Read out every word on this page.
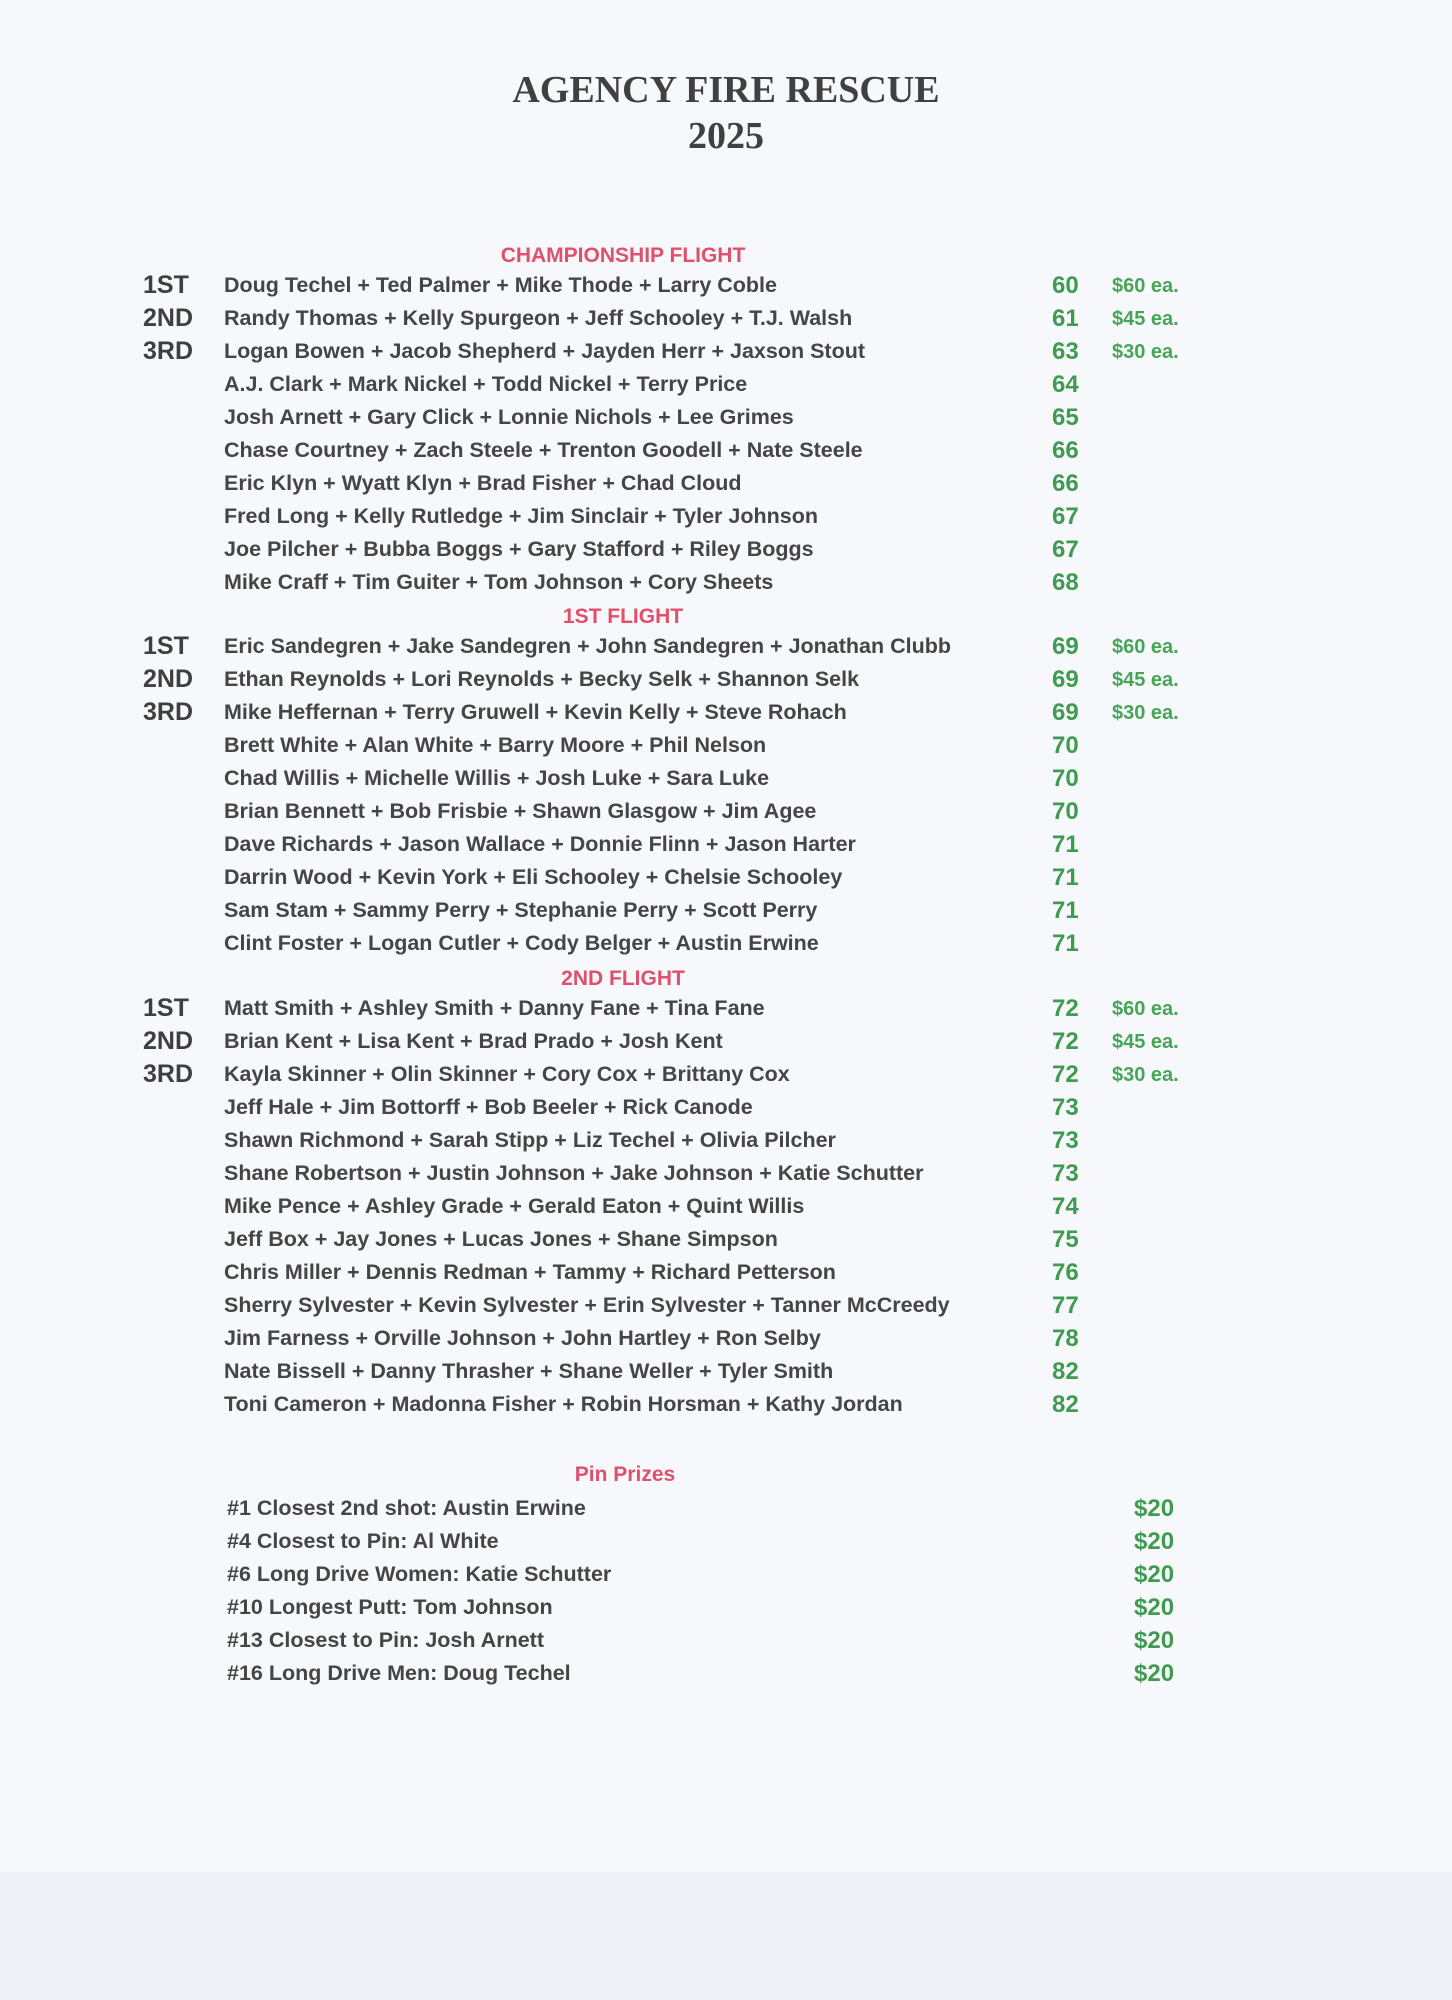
AGENCY FIRE RESCUE
2025
CHAMPIONSHIP FLIGHT
1ST Doug Techel + Ted Palmer + Mike Thode + Larry Coble	60 $60 ea.
2ND Randy Thomas + Kelly Spurgeon + Jeff Schooley + T.J. Walsh	61 $45 ea.
3RD Logan Bowen + Jacob Shepherd + Jayden Herr + Jaxson Stout	63 $30 ea.
A.J. Clark + Mark Nickel + Todd Nickel + Terry Price	64
Josh Arnett + Gary Click + Lonnie Nichols + Lee Grimes	65
Chase Courtney + Zach Steele + Trenton Goodell + Nate Steele	66
Eric Klyn + Wyatt Klyn + Brad Fisher + Chad Cloud	66
Fred Long + Kelly Rutledge + Jim Sinclair + Tyler Johnson	67
Joe Pilcher + Bubba Boggs + Gary Stafford + Riley Boggs	67
Mike Craff + Tim Guiter + Tom Johnson + Cory Sheets	68
1ST FLIGHT
1ST Eric Sandegren + Jake Sandegren + John Sandegren + Jonathan Clubb	69 $60 ea.
2ND Ethan Reynolds + Lori Reynolds + Becky Selk + Shannon Selk	69 $45 ea.
3RD Mike Heffernan + Terry Gruwell + Kevin Kelly + Steve Rohach	69 $30 ea.
Brett White + Alan White + Barry Moore + Phil Nelson	70
Chad Willis + Michelle Willis + Josh Luke + Sara Luke	70
Brian Bennett + Bob Frisbie + Shawn Glasgow + Jim Agee	70
Dave Richards + Jason Wallace + Donnie Flinn + Jason Harter	71
Darrin Wood + Kevin York + Eli Schooley + Chelsie Schooley	71
Sam Stam + Sammy Perry + Stephanie Perry + Scott Perry	71
Clint Foster + Logan Cutler + Cody Belger + Austin Erwine	71
2ND FLIGHT
1ST Matt Smith + Ashley Smith + Danny Fane + Tina Fane	72 $60 ea.
2ND Brian Kent + Lisa Kent + Brad Prado + Josh Kent	72 $45 ea.
3RD Kayla Skinner + Olin Skinner + Cory Cox + Brittany Cox	72 $30 ea.
Jeff Hale + Jim Bottorff + Bob Beeler + Rick Canode	73
Shawn Richmond + Sarah Stipp + Liz Techel + Olivia Pilcher	73
Shane Robertson + Justin Johnson + Jake Johnson + Katie Schutter	73
Mike Pence + Ashley Grade + Gerald Eaton + Quint Willis	74
Jeff Box + Jay Jones + Lucas Jones + Shane Simpson	75
Chris Miller + Dennis Redman + Tammy + Richard Petterson	76
Sherry Sylvester + Kevin Sylvester + Erin Sylvester + Tanner McCreedy	77
Jim Farness + Orville Johnson + John Hartley + Ron Selby	78
Nate Bissell + Danny Thrasher + Shane Weller + Tyler Smith	82
Toni Cameron + Madonna Fisher + Robin Horsman + Kathy Jordan	82
Pin Prizes
#1 Closest 2nd shot: Austin Erwine	$20
#4 Closest to Pin: Al White	$20
#6 Long Drive Women: Katie Schutter	$20
#10 Longest Putt: Tom Johnson	$20
#13 Closest to Pin: Josh Arnett	$20
#16 Long Drive Men: Doug Techel	$20
